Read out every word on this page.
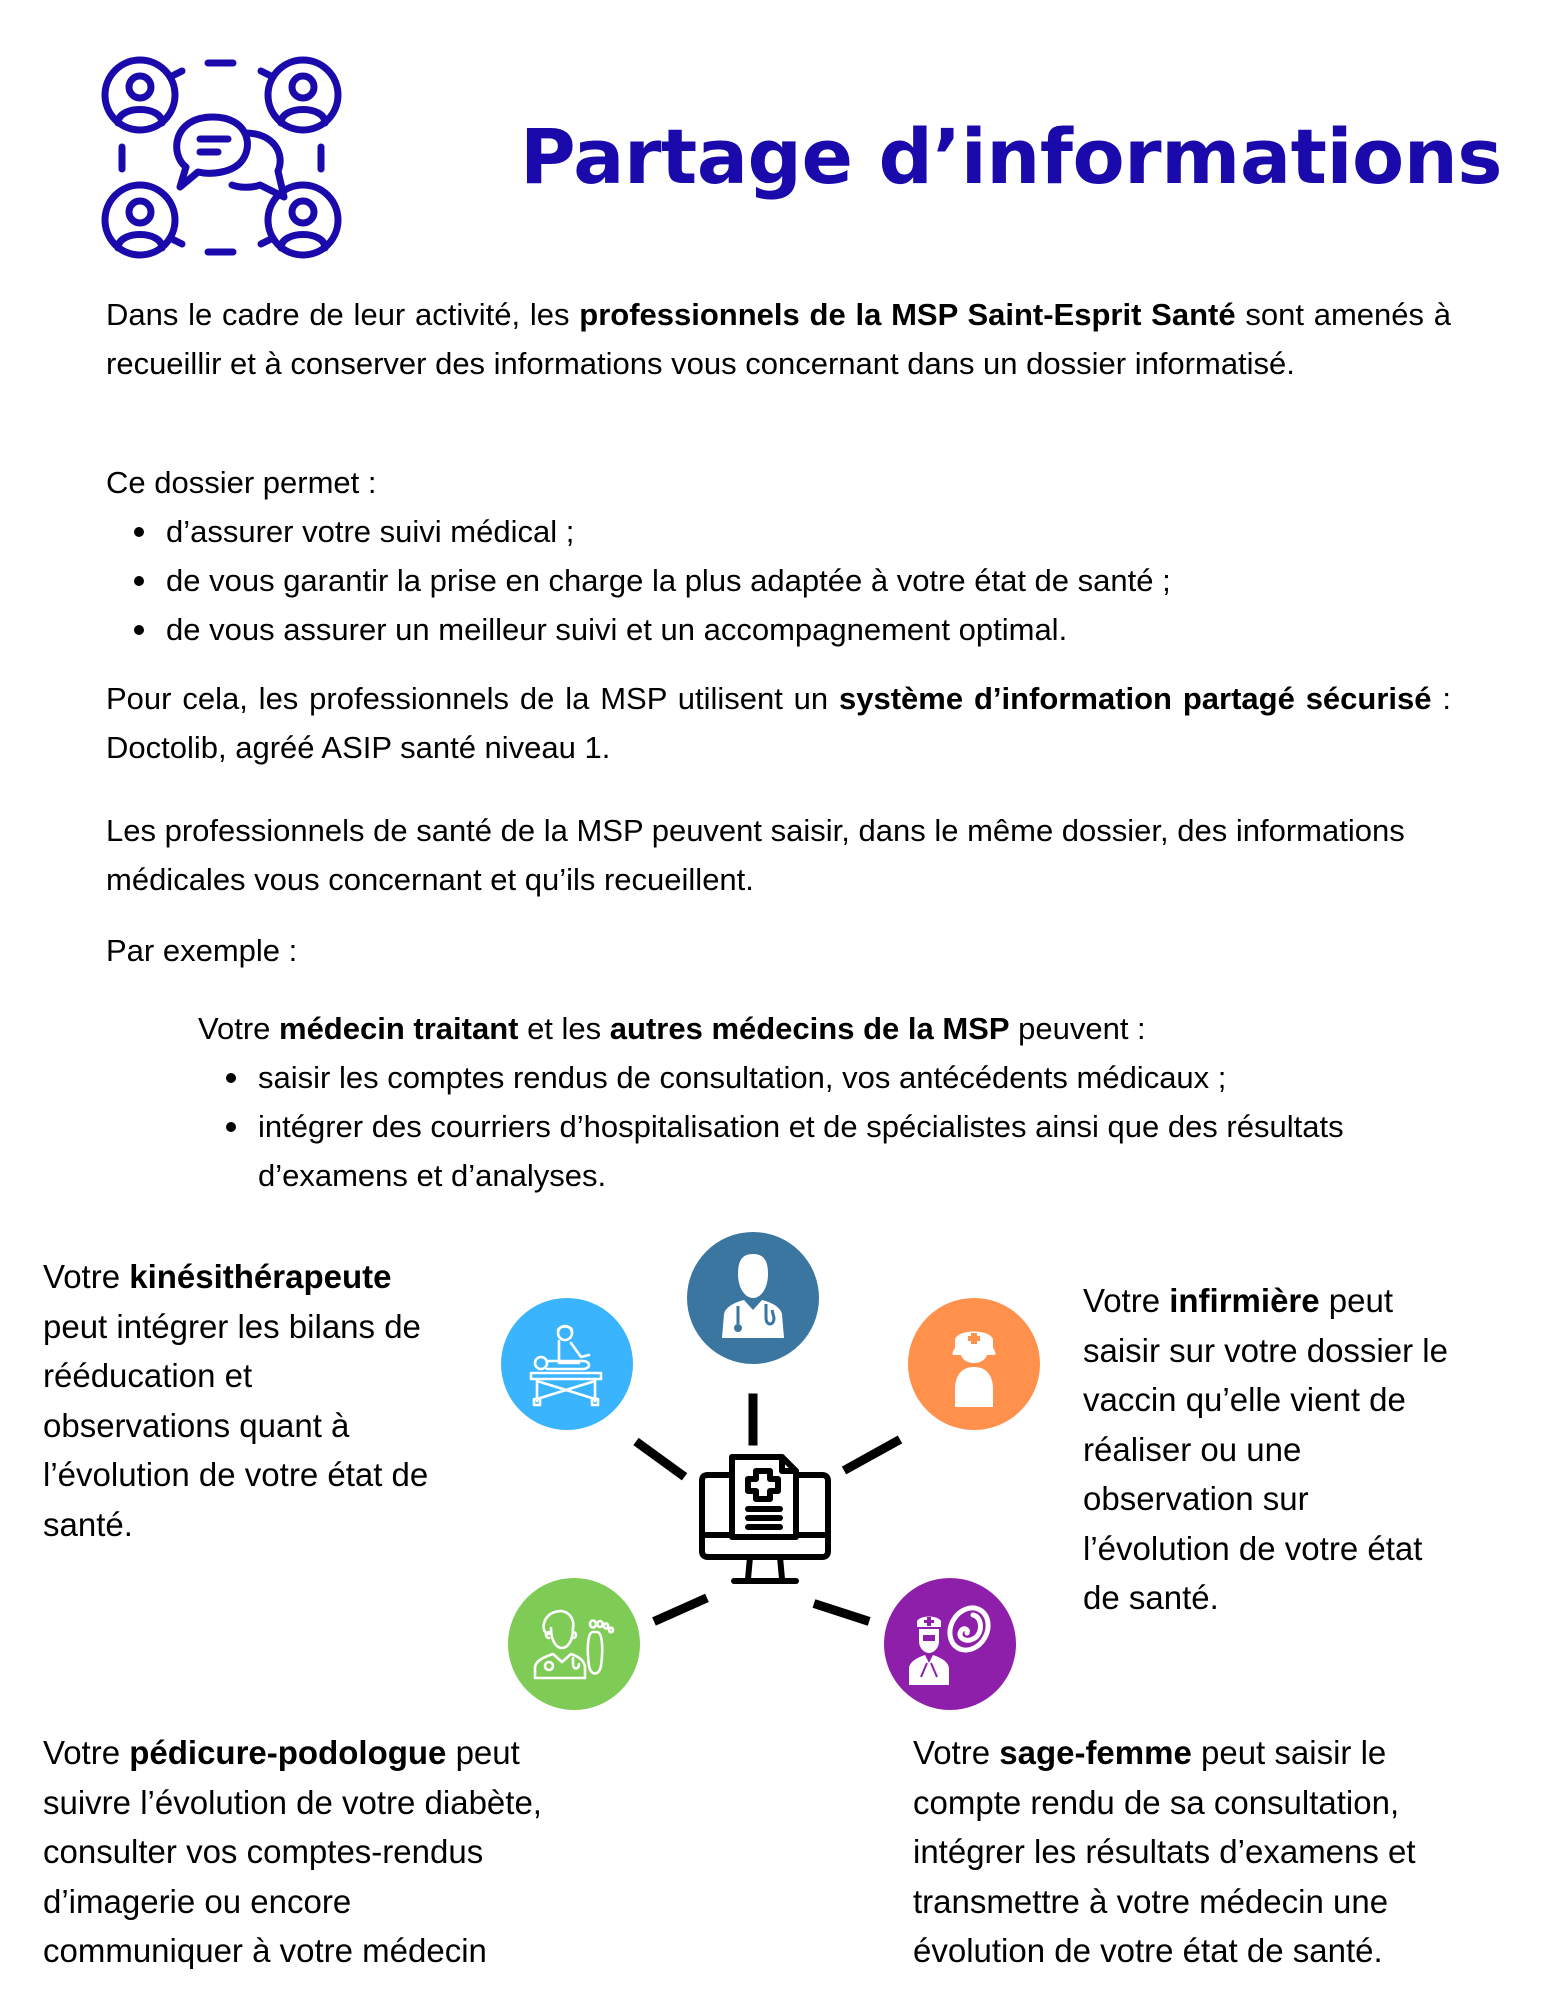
Partage d’informations
Dans le cadre de leur activité, les professionnels de la MSP Saint-Esprit Santé sont amenés à recueillir et à conserver des informations vous concernant dans un dossier informatisé.
Ce dossier permet :
d’assurer votre suivi médical ;
de vous garantir la prise en charge la plus adaptée à votre état de santé ;
de vous assurer un meilleur suivi et un accompagnement optimal.
Pour cela, les professionnels de la MSP utilisent un système d’information partagé sécurisé : Doctolib, agréé ASIP santé niveau 1.
Les professionnels de santé de la MSP peuvent saisir, dans le même dossier, des informations médicales vous concernant et qu’ils recueillent.
Par exemple :
Votre médecin traitant et les autres médecins de la MSP peuvent :
saisir les comptes rendus de consultation, vos antécédents médicaux ;
intégrer des courriers d’hospitalisation et de spécialistes ainsi que des résultats d’examens et d’analyses.
Votre kinésithérapeute
peut intégrer les bilans de
rééducation et
observations quant à
l’évolution de votre état de
santé.
Votre infirmière peut
saisir sur votre dossier le
vaccin qu’elle vient de
réaliser ou une
observation sur
l’évolution de votre état
de santé.
Votre pédicure-podologue peut
suivre l’évolution de votre diabète,
consulter vos comptes-rendus
d’imagerie ou encore
communiquer à votre médecin
Votre sage-femme peut saisir le
compte rendu de sa consultation,
intégrer les résultats d’examens et
transmettre à votre médecin une
évolution de votre état de santé.
